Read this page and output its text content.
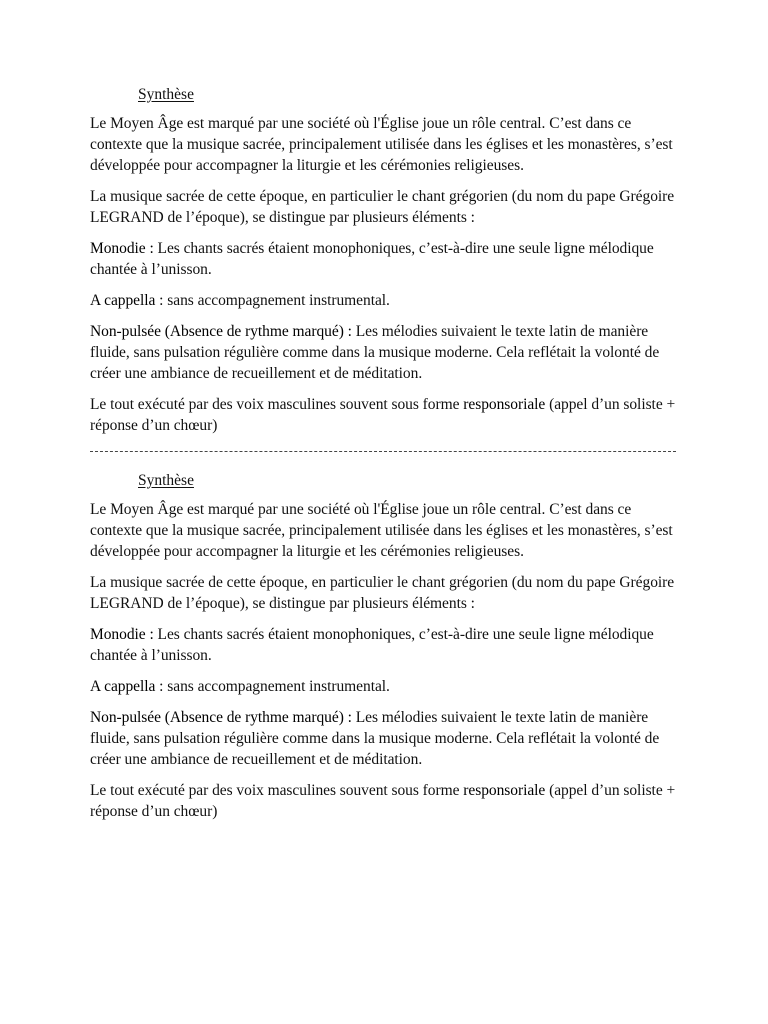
Synthèse

Le Moyen Âge est marqué par une société où l'Église joue un rôle central. C’est dans ce contexte que la musique sacrée, principalement utilisée dans les églises et les monastères, s’est développée pour accompagner la liturgie et les cérémonies religieuses.

La musique sacrée de cette époque, en particulier le chant grégorien (du nom du pape Grégoire LEGRAND de l’époque), se distingue par plusieurs éléments :

Monodie : Les chants sacrés étaient monophoniques, c’est-à-dire une seule ligne mélodique chantée à l’unisson.

A cappella : sans accompagnement instrumental.

Non-pulsée (Absence de rythme marqué) : Les mélodies suivaient le texte latin de manière fluide, sans pulsation régulière comme dans la musique moderne. Cela reflétait la volonté de créer une ambiance de recueillement et de méditation.

Le tout exécuté par des voix masculines souvent sous forme responsoriale (appel d’un soliste + réponse d’un chœur)

Synthèse

Le Moyen Âge est marqué par une société où l'Église joue un rôle central. C’est dans ce contexte que la musique sacrée, principalement utilisée dans les églises et les monastères, s’est développée pour accompagner la liturgie et les cérémonies religieuses.

La musique sacrée de cette époque, en particulier le chant grégorien (du nom du pape Grégoire LEGRAND de l’époque), se distingue par plusieurs éléments :

Monodie : Les chants sacrés étaient monophoniques, c’est-à-dire une seule ligne mélodique chantée à l’unisson.

A cappella : sans accompagnement instrumental.

Non-pulsée (Absence de rythme marqué) : Les mélodies suivaient le texte latin de manière fluide, sans pulsation régulière comme dans la musique moderne. Cela reflétait la volonté de créer une ambiance de recueillement et de méditation.

Le tout exécuté par des voix masculines souvent sous forme responsoriale (appel d’un soliste + réponse d’un chœur)
